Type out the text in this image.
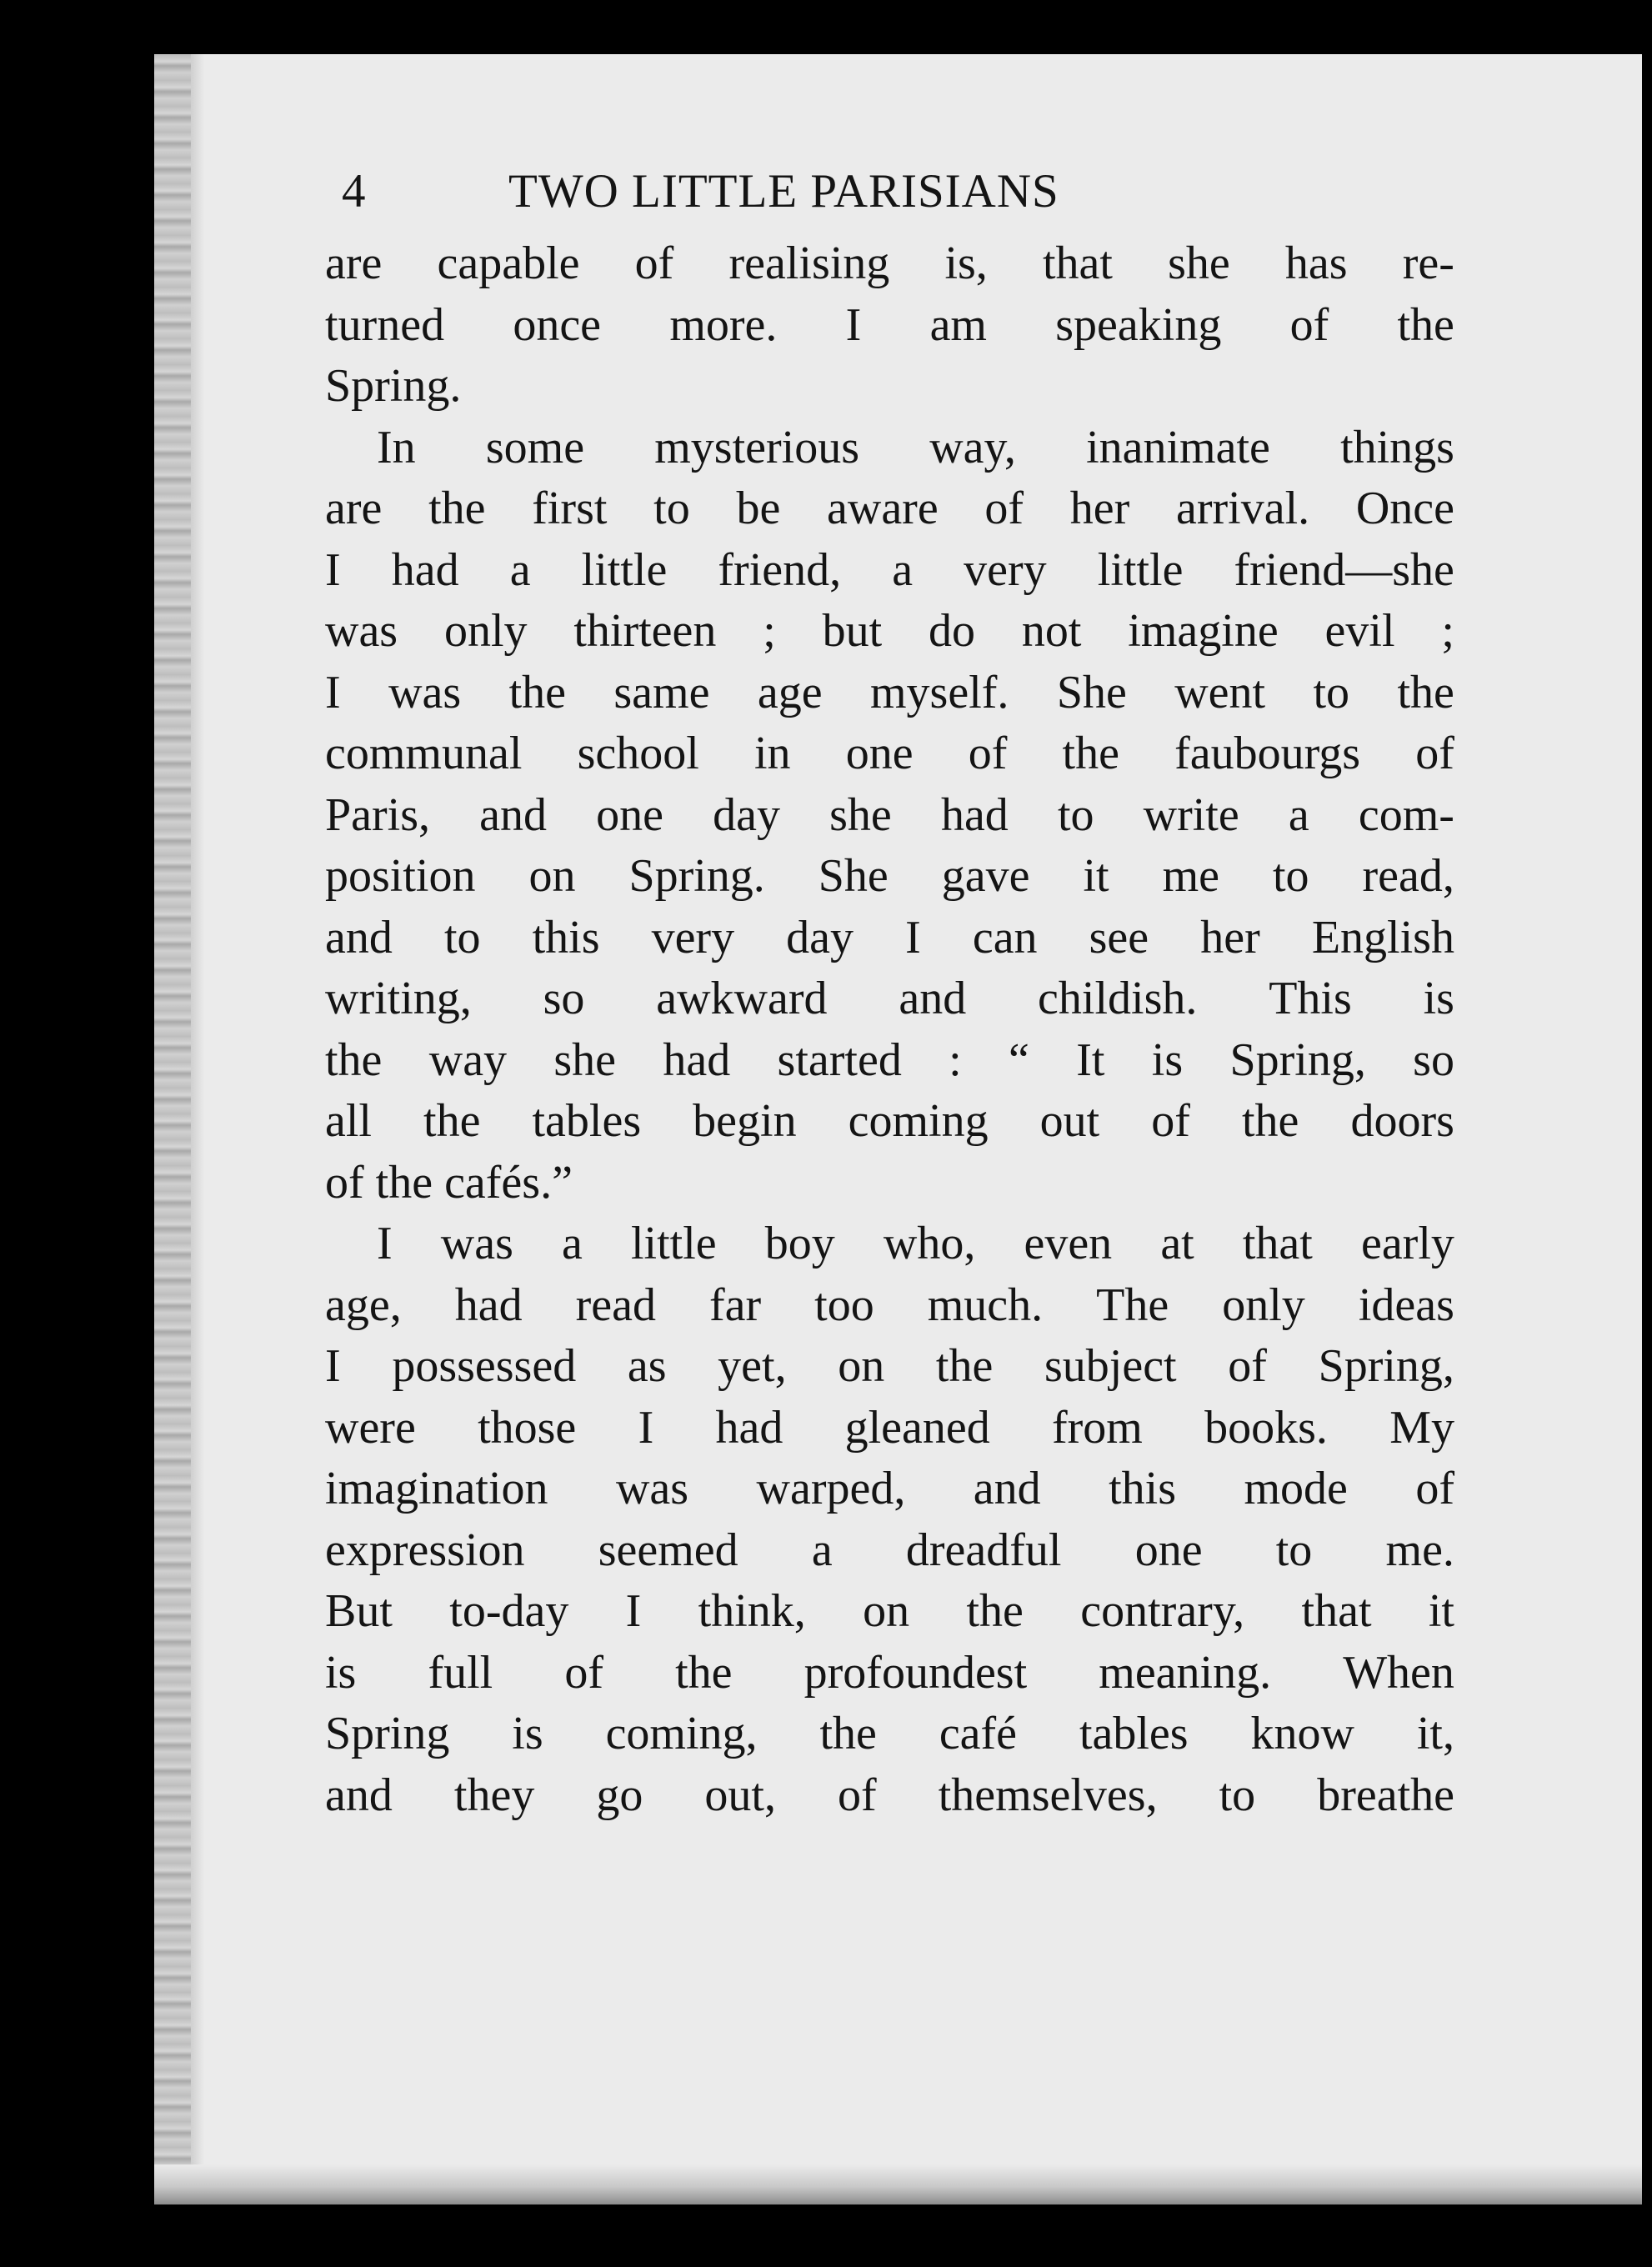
4	TWO LITTLE PARISIANS
are capable of realising is, that she has re-
turned once more. I am speaking of the
Spring.
In some mysterious way, inanimate things
are the first to be aware of her arrival. Once
I had a little friend, a very little friend—she
was only thirteen ; but do not imagine evil ;
I was the same age myself. She went to the
communal school in one of the faubourgs of
Paris, and one day she had to write a com-
position on Spring. She gave it me to read,
and to this very day I can see her English
writing, so awkward and childish. This is
the way she had started : “ It is Spring, so
all the tables begin coming out of the doors
of the cafés.”
I was a little boy who, even at that early
age, had read far too much. The only ideas
I possessed as yet, on the subject of Spring,
were those I had gleaned from books. My
imagination was warped, and this mode of
expression seemed a dreadful one to me.
But to-day I think, on the contrary, that it
is full of the profoundest meaning. When
Spring is coming, the café tables know it,
and they go out, of themselves, to breathe
